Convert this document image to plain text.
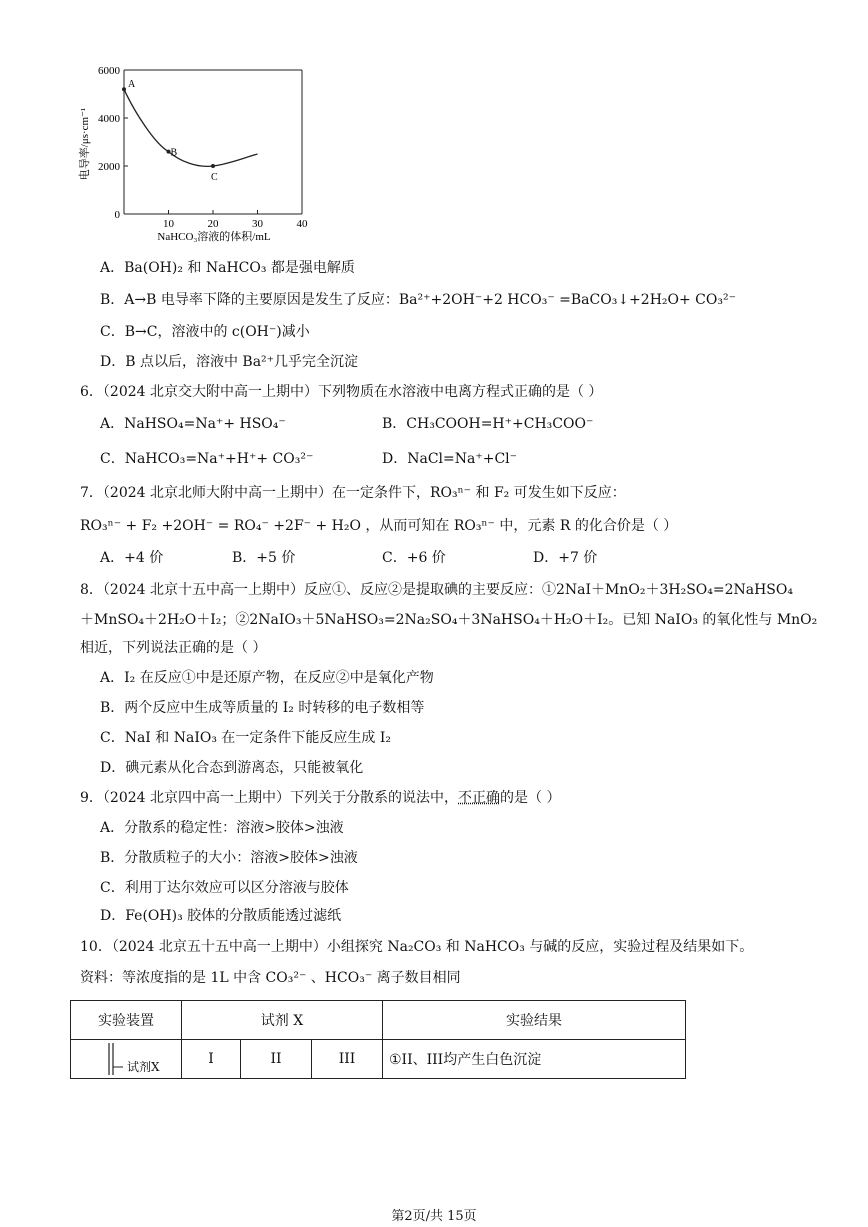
6000
4000
2000
0
10	20	30	40
A
B
C
电导率/μs·cm⁻¹
NaHCO₃溶液的体积/mL
A．Ba(OH)₂ 和 NaHCO₃ 都是强电解质
B．A→B 电导率下降的主要原因是发生了反应：Ba²⁺+2OH⁻+2 HCO₃⁻ =BaCO₃↓+2H₂O+ CO₃²⁻
C．B→C，溶液中的 c(OH⁻)减小
D．B 点以后，溶液中 Ba²⁺几乎完全沉淀
6．（2024 北京交大附中高一上期中）下列物质在水溶液中电离方程式正确的是（ ）
A．NaHSO₄=Na⁺+ HSO₄⁻	B．CH₃COOH=H⁺+CH₃COO⁻
C．NaHCO₃=Na⁺+H⁺+ CO₃²⁻	D．NaCl=Na⁺+Cl⁻
7．（2024 北京北师大附中高一上期中）在一定条件下，RO₃ⁿ⁻ 和 F₂ 可发生如下反应：
RO₃ⁿ⁻ + F₂ +2OH⁻ = RO₄⁻ +2F⁻ + H₂O ，从而可知在 RO₃ⁿ⁻ 中，元素 R 的化合价是（ ）
A．+4 价	B．+5 价	C．+6 价	D．+7 价
8．（2024 北京十五中高一上期中）反应①、反应②是提取碘的主要反应：①2NaI＋MnO₂＋3H₂SO₄=2NaHSO₄
＋MnSO₄＋2H₂O＋I₂；②2NaIO₃＋5NaHSO₃=2Na₂SO₄＋3NaHSO₄＋H₂O＋I₂。已知 NaIO₃ 的氧化性与 MnO₂
相近，下列说法正确的是（ ）
A．I₂ 在反应①中是还原产物，在反应②中是氧化产物
B．两个反应中生成等质量的 I₂ 时转移的电子数相等
C．NaI 和 NaIO₃ 在一定条件下能反应生成 I₂
D．碘元素从化合态到游离态，只能被氧化
9．（2024 北京四中高一上期中）下列关于分散系的说法中，不正确的是（ ）
A．分散系的稳定性：溶液>胶体>浊液
B．分散质粒子的大小：溶液>胶体>浊液
C．利用丁达尔效应可以区分溶液与胶体
D．Fe(OH)₃ 胶体的分散质能透过滤纸
10．（2024 北京五十五中高一上期中）小组探究 Na₂CO₃ 和 NaHCO₃ 与碱的反应，实验过程及结果如下。
资料：等浓度指的是 1L 中含 CO₃²⁻ 、HCO₃⁻ 离子数目相同
实验装置	试剂 X			实验结果

试剂X	I	II	III	①II、III均产生白色沉淀
第2页/共 15页
